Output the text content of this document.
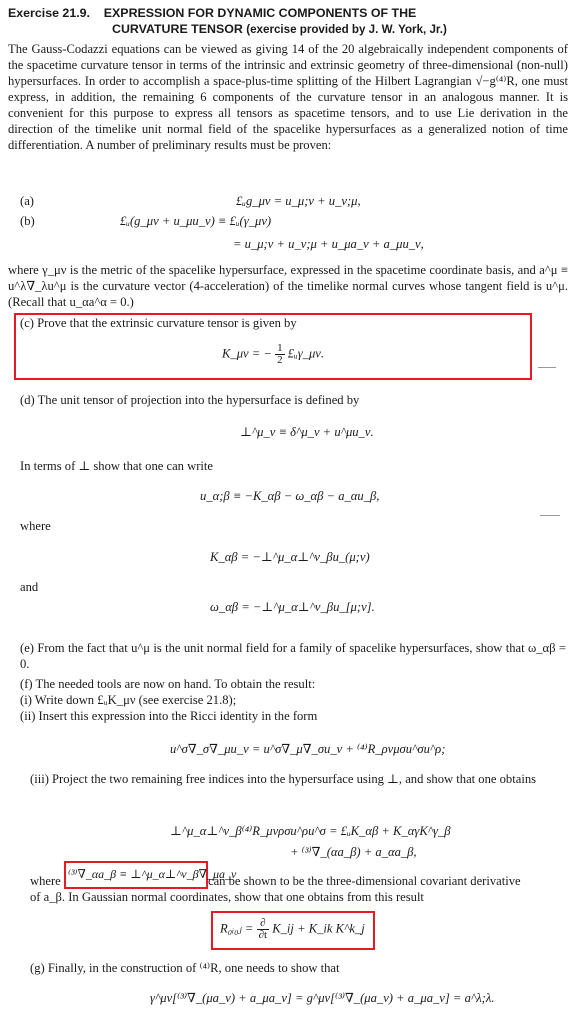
Exercise 21.9. EXPRESSION FOR DYNAMIC COMPONENTS OF THE
CURVATURE TENSOR (exercise provided by J. W. York, Jr.)

The Gauss-Codazzi equations can be viewed as giving 14 of the 20 algebraically independent components of the spacetime curvature tensor in terms of the intrinsic and extrinsic geometry of three-dimensional (non-null) hypersurfaces. In order to accomplish a space-plus-time splitting of the Hilbert Lagrangian √−g⁽⁴⁾R, one must express, in addition, the remaining 6 components of the curvature tensor in an analogous manner. It is convenient for this purpose to express all tensors as spacetime tensors, and to use Lie derivation in the direction of the timelike unit normal field of the spacelike hypersurfaces as a generalized notion of time differentiation. A number of preliminary results must be proven:

(a)	£ᵤg_μν = u_μ;ν + u_ν;μ,
(b)	£ᵤ(g_μν + u_μu_ν) ≡ £ᵤ(γ_μν)
= u_μ;ν + u_ν;μ + u_μa_ν + a_μu_ν,

where γ_μν is the metric of the spacelike hypersurface, expressed in the spacetime coordinate basis, and a^μ ≡ u^λ∇_λu^μ is the curvature vector (4-acceleration) of the timelike normal curves whose tangent field is u^μ. (Recall that u_αa^α = 0.)

(c) Prove that the extrinsic curvature tensor is given by
K_μν = − $\frac{1}{2}$ £ᵤγ_μν.
(d) The unit tensor of projection into the hypersurface is defined by
⊥^μ_ν ≡ δ^μ_ν + u^μu_ν.
In terms of ⊥ show that one can write
u_α;β ≡ −K_αβ − ω_αβ − a_αu_β,
where
K_αβ = −⊥^μ_α⊥^ν_βu_(μ;ν)
and
ω_αβ = −⊥^μ_α⊥^ν_βu_[μ;ν].

(e) From the fact that u^μ is the unit normal field for a family of spacelike hypersurfaces, show that ω_αβ = 0.

(f) The needed tools are now on hand. To obtain the result:
(i) Write down £ᵤK_μν (see exercise 21.8);
(ii) Insert this expression into the Ricci identity in the form
u^σ∇_σ∇_μu_ν = u^σ∇_μ∇_σu_ν + ⁽⁴⁾R_ρνμσu^σu^ρ;

(iii) Project the two remaining free indices into the hypersurface using ⊥, and show that one obtains

⊥^μ_α⊥^ν_β⁽⁴⁾R_μνρσu^ρu^σ = £ᵤK_αβ + K_αγK^γ_β
+ ⁽³⁾∇_(αa_β) + a_αa_β,
where ⁽³⁾∇_αa_β ≡ ⊥^μ_α⊥^ν_β∇_μa_ν
can be shown to be the three-dimensional covariant derivative
of a_β. In Gaussian normal coordinates, show that one obtains from this result
R₀ᵢ₀ⱼ = $\frac{\partial}{\partial t}$ K_ij + K_ik K^k_j
(g) Finally, in the construction of ⁽⁴⁾R, one needs to show that
γ^μν[⁽³⁾∇_(μa_ν) + a_μa_ν] = g^μν[⁽³⁾∇_(μa_ν) + a_μa_ν] = a^λ;λ.
